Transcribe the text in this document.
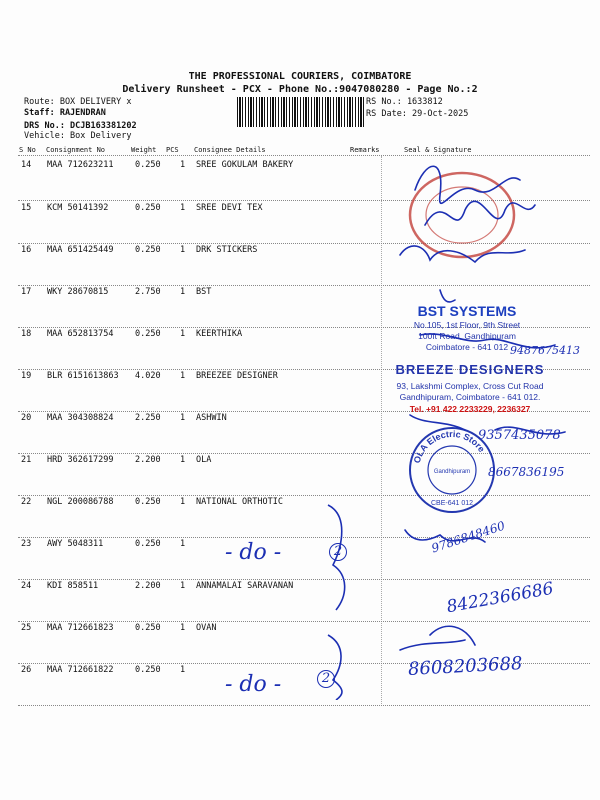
THE PROFESSIONAL COURIERS, COIMBATORE
Delivery Runsheet - PCX - Phone No.:9047080280 - Page No.:2
Route: BOX DELIVERY x
Staff: RAJENDRAN
DRS No.: DCJB163381202
Vehicle: Box Delivery
RS No.: 1633812
RS Date: 29-Oct-2025
S No Consignment No	Weight PCS Consignee Details	Remarks	Seal & Signature
14 MAA 712623211	0.250 1 SREE GOKULAM BAKERY
15 KCM 50141392	0.250 1 SREE DEVI TEX
16 MAA 651425449	0.250 1 DRK STICKERS
17 WKY 28670815	2.750 1 BST
18 MAA 652813754	0.250 1 KEERTHIKA
19 BLR 6151613863 4.020 1 BREEZEE DESIGNER
20 MAA 304308824	2.250 1 ASHWIN
21 HRD 362617299	2.200 1 OLA
22 NGL 200086788	0.250 1 NATIONAL ORTHOTIC
23 AWY 5048311	0.250 1
24 KDI 858511	2.200 1 ANNAMALAI SARAVANAN
25 MAA 712661823	0.250 1 OVAN
26 MAA 712661822	0.250 1
BST SYSTEMS
No.105, 1st Floor, 9th Street
100ft Road, Gandhipuram
Coimbatore - 641 012
BREEZE DESIGNERS
93, Lakshmi Complex, Cross Cut Road
Gandhipuram, Coimbatore - 641 012.
Tel. +91 422 2233229, 2236327
OLA Electric Store
Gandhipuram
CBE-641 012
- do -	2
- do -	2
9487675413
9357435078
8667836195
9786848460
8422366686
8608203688
